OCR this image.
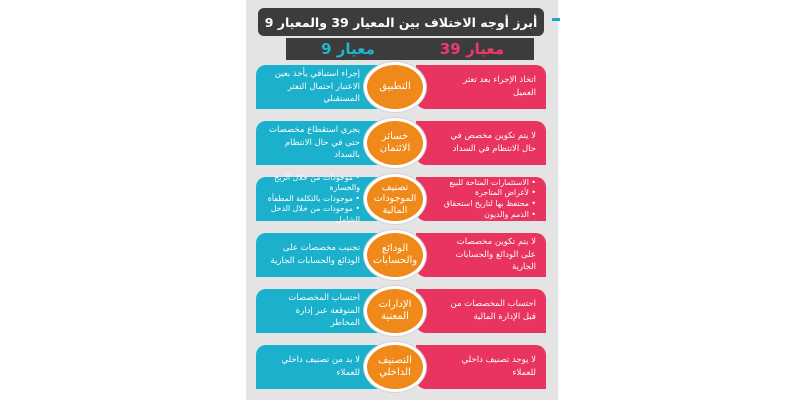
أبرز أوجه الاختلاف بين المعيار 39 والمعيار 9
معيار 39
معيار 9
اتخاذ الإجراء بعد تعثر العميل
إجراء استباقي يأخذ بعين الاعتبار احتمال التعثر المستقبلي
التطبيق
لا يتم تكوين مخصص في حال الانتظام في السداد
يجري استقطاع مخصصات حتى في حال الانتظام بالسداد
خسائر الائتمان
• الاستثمارات المتاحة للبيع
• لأغراض المتاجرة
• محتفظ بها لتاريخ استحقاق
• الذمم والديون
• موجودات من خلال الربح والخسارة
• موجودات بالتكلفة المطفأة
• موجودات من خلال الدخل الشامل
تصنيف الموجودات المالية
لا يتم تكوين مخصصات على الودائع والحسابات الجارية
تجنيب مخصصات على الودائع والحسابات الجارية
الودائع والحسابات
احتساب المخصصات من قبل الإدارة المالية
احتساب المخصصات المتوقعة عبر إدارة المخاطر
الإدارات المعنية
لا يوجد تصنيف داخلي للعملاء
لا بد من تصنيف داخلي للعملاء
التصنيف الداخلي
